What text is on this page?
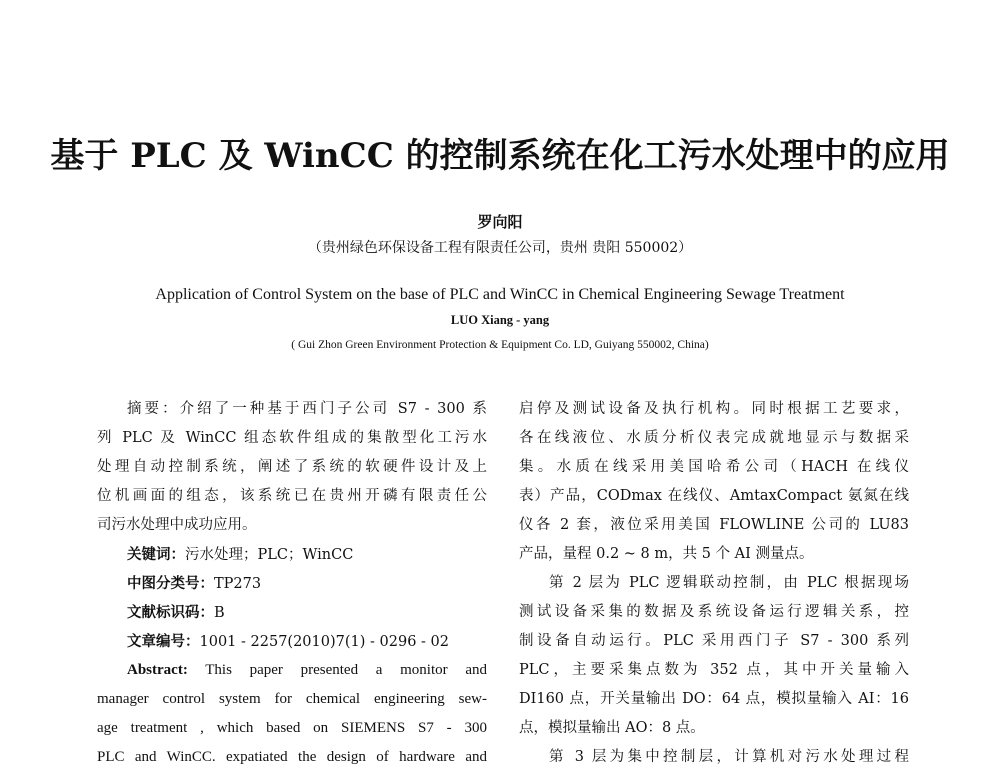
基于 PLC 及 WinCC 的控制系统在化工污水处理中的应用
罗向阳
（贵州绿色环保设备工程有限责任公司，贵州 贵阳 550002）
Application of Control System on the base of PLC and WinCC in Chemical Engineering Sewage Treatment
LUO Xiang - yang
( Gui Zhon Green Environment Protection & Equipment Co. LD, Guiyang 550002, China)
摘要：介绍了一种基于西门子公司 S7 - 300 系
列 PLC 及 WinCC 组态软件组成的集散型化工污水
处理自动控制系统，阐述了系统的软硬件设计及上
位机画面的组态，该系统已在贵州开磷有限责任公
司污水处理中成功应用。
关键词：污水处理；PLC；WinCC
中图分类号：TP273
文献标识码：B
文章编号：1001 - 2257(2010)7(1) - 0296 - 02
Abstract: This paper presented a monitor and
manager control system for chemical engineering sew-
age treatment , which based on SIEMENS S7 - 300
PLC and WinCC. expatiated the design of hardware and
启停及测试设备及执行机构。同时根据工艺要求，
各在线液位、水质分析仪表完成就地显示与数据采
集。水质在线采用美国哈希公司（HACH 在线仪
表）产品，CODmax 在线仪、AmtaxCompact 氨氮在线
仪各 2 套，液位采用美国 FLOWLINE 公司的 LU83
产品，量程 0.2 ~ 8 m，共 5 个 AI 测量点。
第 2 层为 PLC 逻辑联动控制，由 PLC 根据现场
测试设备采集的数据及系统设备运行逻辑关系，控
制设备自动运行。PLC 采用西门子 S7 - 300 系列
PLC，主要采集点数为 352 点，其中开关量输入
DI160 点，开关量输出 DO：64 点，模拟量输入 AI：16
点，模拟量输出 AO：8 点。
第 3 层为集中控制层，计算机对污水处理过程
